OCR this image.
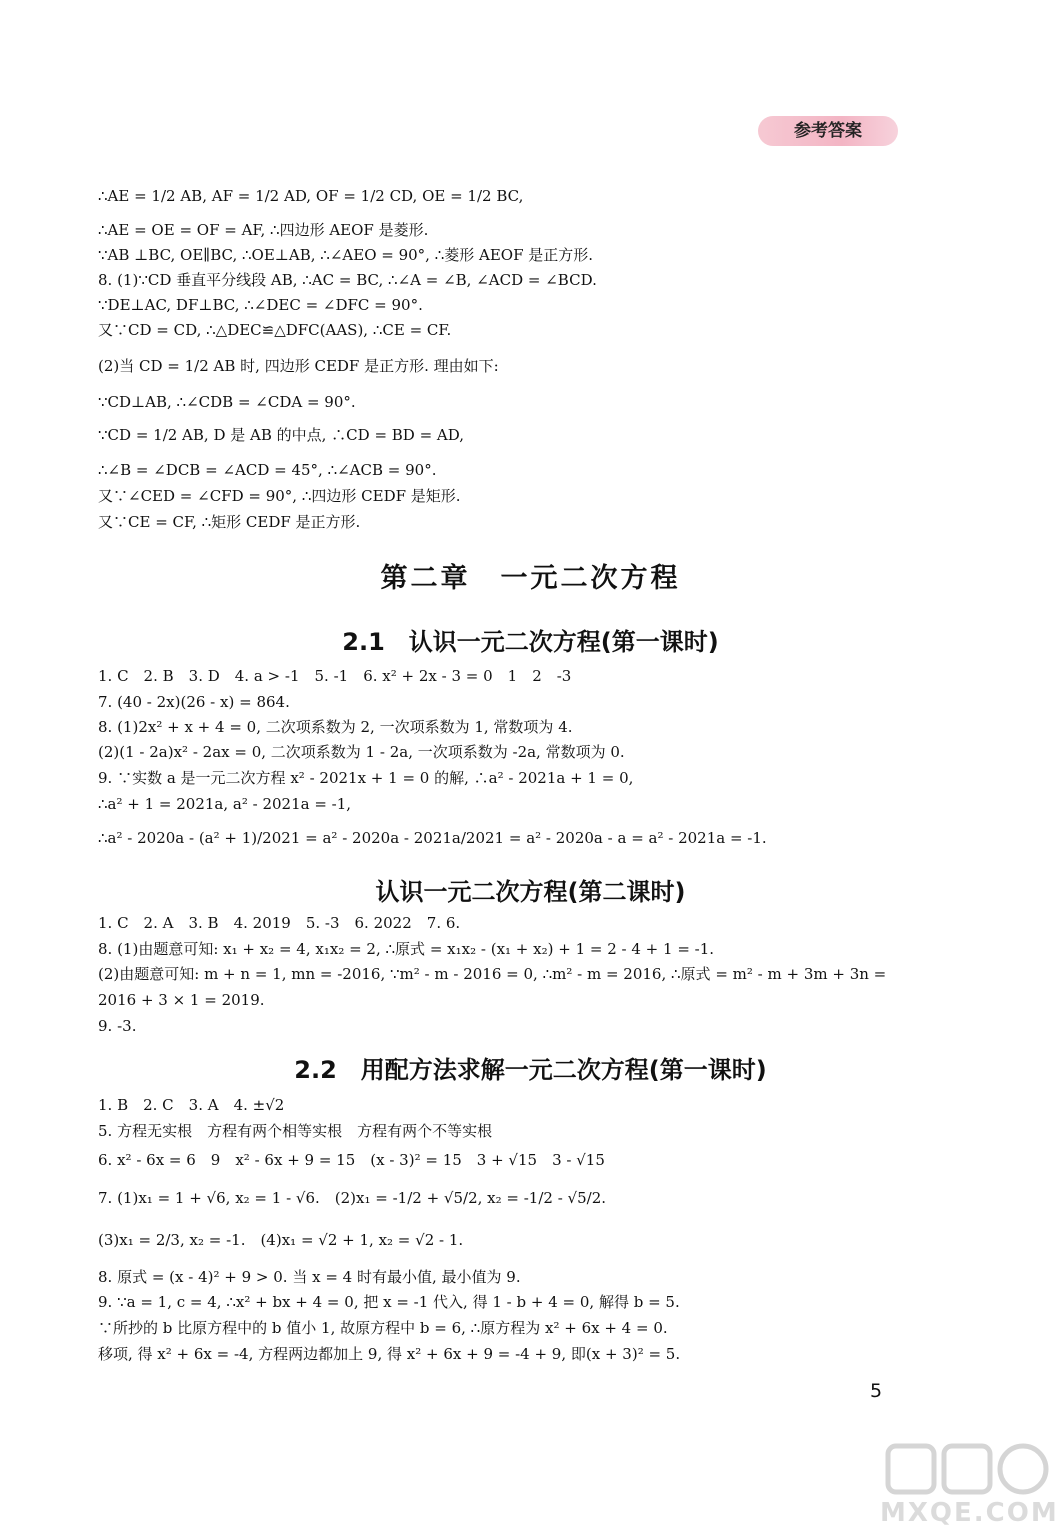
参考答案
∴AE = 1/2 AB, AF = 1/2 AD, OF = 1/2 CD, OE = 1/2 BC,
∴AE = OE = OF = AF, ∴四边形 AEOF 是菱形.
∵AB ⊥BC, OE∥BC, ∴OE⊥AB, ∴∠AEO = 90°, ∴菱形 AEOF 是正方形.
8. (1)∵CD 垂直平分线段 AB, ∴AC = BC, ∴∠A = ∠B, ∠ACD = ∠BCD.
∵DE⊥AC, DF⊥BC, ∴∠DEC = ∠DFC = 90°.
又∵CD = CD, ∴△DEC≌△DFC(AAS), ∴CE = CF.
(2)当 CD = 1/2 AB 时, 四边形 CEDF 是正方形. 理由如下:
∵CD⊥AB, ∴∠CDB = ∠CDA = 90°.
∵CD = 1/2 AB, D 是 AB 的中点, ∴CD = BD = AD,
∴∠B = ∠DCB = ∠ACD = 45°, ∴∠ACB = 90°.
又∵∠CED = ∠CFD = 90°, ∴四边形 CEDF 是矩形.
又∵CE = CF, ∴矩形 CEDF 是正方形.
第二章　一元二次方程
2.1　认识一元二次方程(第一课时)
1. C　2. B　3. D　4. a > -1　5. -1　6. x² + 2x - 3 = 0　1　2　-3
7. (40 - 2x)(26 - x) = 864.
8. (1)2x² + x + 4 = 0, 二次项系数为 2, 一次项系数为 1, 常数项为 4.
(2)(1 - 2a)x² - 2ax = 0, 二次项系数为 1 - 2a, 一次项系数为 -2a, 常数项为 0.
9. ∵实数 a 是一元二次方程 x² - 2021x + 1 = 0 的解, ∴a² - 2021a + 1 = 0,
∴a² + 1 = 2021a, a² - 2021a = -1,
∴a² - 2020a - (a² + 1)/2021 = a² - 2020a - 2021a/2021 = a² - 2020a - a = a² - 2021a = -1.
认识一元二次方程(第二课时)
1. C　2. A　3. B　4. 2019　5. -3　6. 2022　7. 6.
8. (1)由题意可知: x₁ + x₂ = 4, x₁x₂ = 2, ∴原式 = x₁x₂ - (x₁ + x₂) + 1 = 2 - 4 + 1 = -1.
(2)由题意可知: m + n = 1, mn = -2016, ∵m² - m - 2016 = 0, ∴m² - m = 2016, ∴原式 = m² - m + 3m + 3n =
2016 + 3 × 1 = 2019.
9. -3.
2.2　用配方法求解一元二次方程(第一课时)
1. B　2. C　3. A　4. ±√2
5. 方程无实根　方程有两个相等实根　方程有两个不等实根
6. x² - 6x = 6　9　x² - 6x + 9 = 15　(x - 3)² = 15　3 + √15　3 - √15
7. (1)x₁ = 1 + √6, x₂ = 1 - √6.　(2)x₁ = -1/2 + √5/2, x₂ = -1/2 - √5/2.
(3)x₁ = 2/3, x₂ = -1.　(4)x₁ = √2 + 1, x₂ = √2 - 1.
8. 原式 = (x - 4)² + 9 > 0. 当 x = 4 时有最小值, 最小值为 9.
9. ∵a = 1, c = 4, ∴x² + bx + 4 = 0, 把 x = -1 代入, 得 1 - b + 4 = 0, 解得 b = 5.
∵所抄的 b 比原方程中的 b 值小 1, 故原方程中 b = 6, ∴原方程为 x² + 6x + 4 = 0.
移项, 得 x² + 6x = -4, 方程两边都加上 9, 得 x² + 6x + 9 = -4 + 9, 即(x + 3)² = 5.
5
MXQE.COM
